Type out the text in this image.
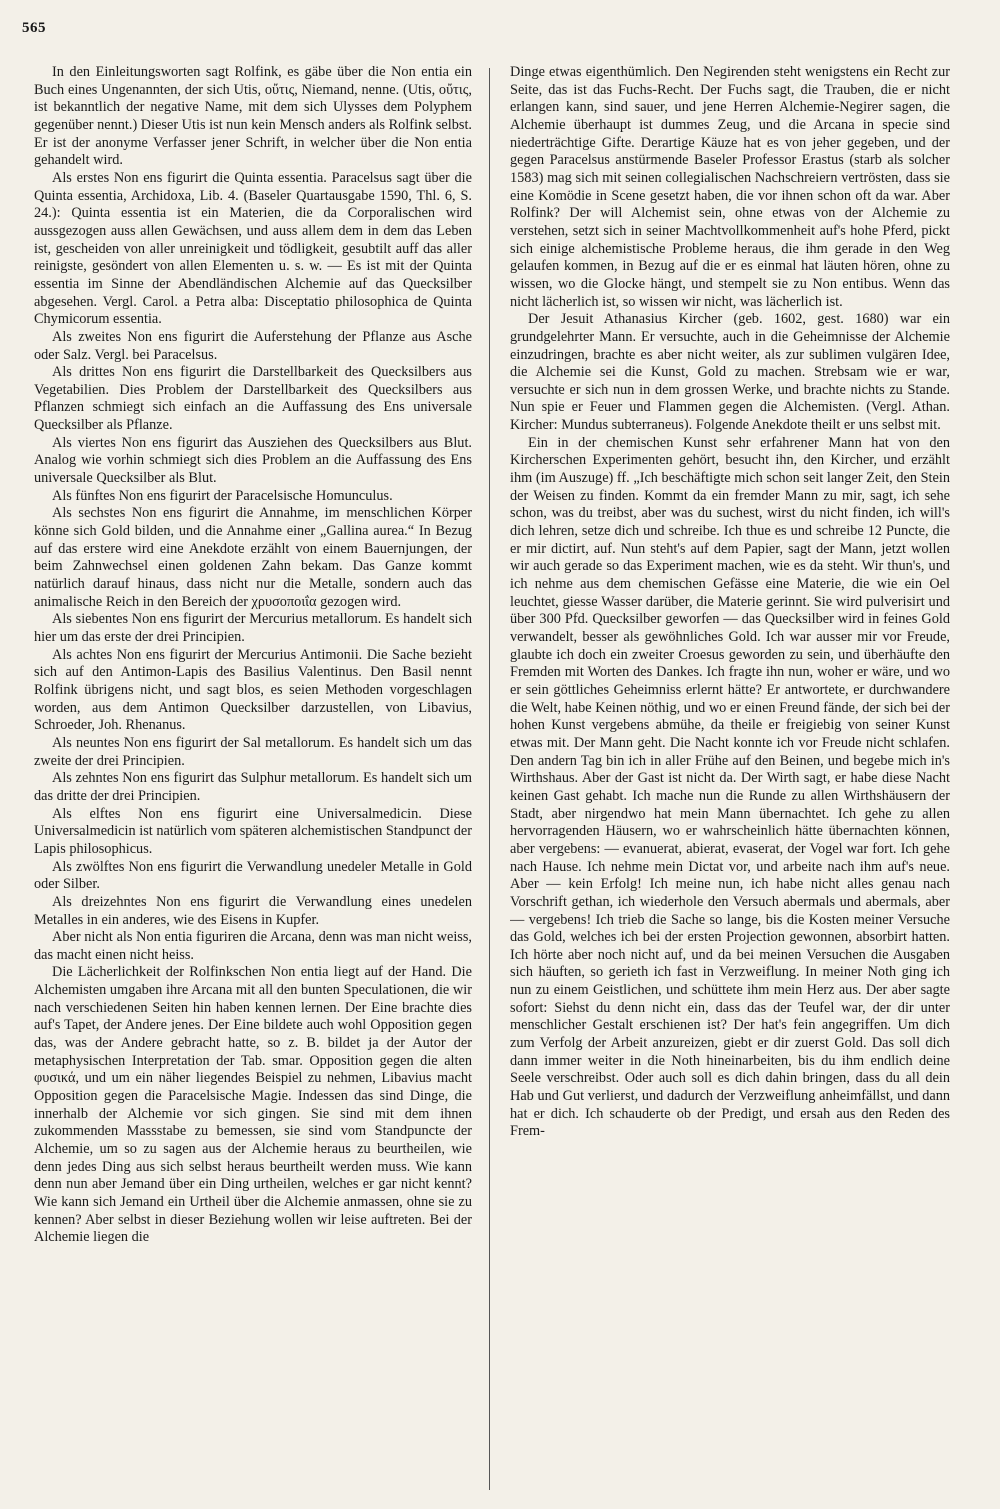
565

In den Einleitungsworten sagt Rolfink, es gäbe über die Non entia ein Buch eines Ungenannten, der sich Utis, οὔτις, Niemand, nenne. (Utis, οὔτις, ist bekanntlich der negative Name, mit dem sich Ulysses dem Polyphem gegenüber nennt.) Dieser Utis ist nun kein Mensch anders als Rolfink selbst. Er ist der anonyme Verfasser jener Schrift, in welcher über die Non entia gehandelt wird.

Als erstes Non ens figurirt die Quinta essentia. Paracelsus sagt über die Quinta essentia, Archidoxa, Lib. 4. (Baseler Quartausgabe 1590, Thl. 6, S. 24.): Quinta essentia ist ein Materien, die da Corporalischen wird aussgezogen auss allen Gewächsen, und auss allem dem in dem das Leben ist, gescheiden von aller unreinigkeit und tödligkeit, gesubtilt auff das aller reinigste, gesöndert von allen Elementen u. s. w. — Es ist mit der Quinta essentia im Sinne der Abendländischen Alchemie auf das Quecksilber abgesehen. Vergl. Carol. a Petra alba: Disceptatio philosophica de Quinta Chymicorum essentia.

Als zweites Non ens figurirt die Auferstehung der Pflanze aus Asche oder Salz. Vergl. bei Paracelsus.

Als drittes Non ens figurirt die Darstellbarkeit des Quecksilbers aus Vegetabilien. Dies Problem der Darstellbarkeit des Quecksilbers aus Pflanzen schmiegt sich einfach an die Auffassung des Ens universale Quecksilber als Pflanze.

Als viertes Non ens figurirt das Ausziehen des Quecksilbers aus Blut. Analog wie vorhin schmiegt sich dies Problem an die Auffassung des Ens universale Quecksilber als Blut.

Als fünftes Non ens figurirt der Paracelsische Homunculus.

Als sechstes Non ens figurirt die Annahme, im menschlichen Körper könne sich Gold bilden, und die Annahme einer „Gallina aurea.“ In Bezug auf das erstere wird eine Anekdote erzählt von einem Bauernjungen, der beim Zahnwechsel einen goldenen Zahn bekam. Das Ganze kommt natürlich darauf hinaus, dass nicht nur die Metalle, sondern auch das animalische Reich in den Bereich der χρυσοποιΐα gezogen wird.

Als siebentes Non ens figurirt der Mercurius metallorum. Es handelt sich hier um das erste der drei Principien.

Als achtes Non ens figurirt der Mercurius Antimonii. Die Sache bezieht sich auf den Antimon-Lapis des Basilius Valentinus. Den Basil nennt Rolfink übrigens nicht, und sagt blos, es seien Methoden vorgeschlagen worden, aus dem Antimon Quecksilber darzustellen, von Libavius, Schroeder, Joh. Rhenanus.

Als neuntes Non ens figurirt der Sal metallorum. Es handelt sich um das zweite der drei Principien.

Als zehntes Non ens figurirt das Sulphur metallorum. Es handelt sich um das dritte der drei Principien.

Als elftes Non ens figurirt eine Universalmedicin. Diese Universalmedicin ist natürlich vom späteren alchemistischen Standpunct der Lapis philosophicus.

Als zwölftes Non ens figurirt die Verwandlung unedeler Metalle in Gold oder Silber.

Als dreizehntes Non ens figurirt die Verwandlung eines unedelen Metalles in ein anderes, wie des Eisens in Kupfer.

Aber nicht als Non entia figuriren die Arcana, denn was man nicht weiss, das macht einen nicht heiss.

Die Lächerlichkeit der Rolfinkschen Non entia liegt auf der Hand. Die Alchemisten umgaben ihre Arcana mit all den bunten Speculationen, die wir nach verschiedenen Seiten hin haben kennen lernen. Der Eine brachte dies auf's Tapet, der Andere jenes. Der Eine bildete auch wohl Opposition gegen das, was der Andere gebracht hatte, so z. B. bildet ja der Autor der metaphysischen Interpretation der Tab. smar. Opposition gegen die alten φυσικά, und um ein näher liegendes Beispiel zu nehmen, Libavius macht Opposition gegen die Paracelsische Magie. Indessen das sind Dinge, die innerhalb der Alchemie vor sich gingen. Sie sind mit dem ihnen zukommenden Massstabe zu bemessen, sie sind vom Standpuncte der Alchemie, um so zu sagen aus der Alchemie heraus zu beurtheilen, wie denn jedes Ding aus sich selbst heraus beurtheilt werden muss. Wie kann denn nun aber Jemand über ein Ding urtheilen, welches er gar nicht kennt? Wie kann sich Jemand ein Urtheil über die Alchemie anmassen, ohne sie zu kennen? Aber selbst in dieser Beziehung wollen wir leise auftreten. Bei der Alchemie liegen die

Dinge etwas eigenthümlich. Den Negirenden steht wenigstens ein Recht zur Seite, das ist das Fuchs-Recht. Der Fuchs sagt, die Trauben, die er nicht erlangen kann, sind sauer, und jene Herren Alchemie-Negirer sagen, die Alchemie überhaupt ist dummes Zeug, und die Arcana in specie sind niederträchtige Gifte. Derartige Käuze hat es von jeher gegeben, und der gegen Paracelsus anstürmende Baseler Professor Erastus (starb als solcher 1583) mag sich mit seinen collegialischen Nachschreiern vertrösten, dass sie eine Komödie in Scene gesetzt haben, die vor ihnen schon oft da war. Aber Rolfink? Der will Alchemist sein, ohne etwas von der Alchemie zu verstehen, setzt sich in seiner Machtvollkommenheit auf's hohe Pferd, pickt sich einige alchemistische Probleme heraus, die ihm gerade in den Weg gelaufen kommen, in Bezug auf die er es einmal hat läuten hören, ohne zu wissen, wo die Glocke hängt, und stempelt sie zu Non entibus. Wenn das nicht lächerlich ist, so wissen wir nicht, was lächerlich ist.

Der Jesuit Athanasius Kircher (geb. 1602, gest. 1680) war ein grundgelehrter Mann. Er versuchte, auch in die Geheimnisse der Alchemie einzudringen, brachte es aber nicht weiter, als zur sublimen vulgären Idee, die Alchemie sei die Kunst, Gold zu machen. Strebsam wie er war, versuchte er sich nun in dem grossen Werke, und brachte nichts zu Stande. Nun spie er Feuer und Flammen gegen die Alchemisten. (Vergl. Athan. Kircher: Mundus subterraneus). Folgende Anekdote theilt er uns selbst mit.

Ein in der chemischen Kunst sehr erfahrener Mann hat von den Kircherschen Experimenten gehört, besucht ihn, den Kircher, und erzählt ihm (im Auszuge) ff. „Ich beschäftigte mich schon seit langer Zeit, den Stein der Weisen zu finden. Kommt da ein fremder Mann zu mir, sagt, ich sehe schon, was du treibst, aber was du suchest, wirst du nicht finden, ich will's dich lehren, setze dich und schreibe. Ich thue es und schreibe 12 Puncte, die er mir dictirt, auf. Nun steht's auf dem Papier, sagt der Mann, jetzt wollen wir auch gerade so das Experiment machen, wie es da steht. Wir thun's, und ich nehme aus dem chemischen Gefässe eine Materie, die wie ein Oel leuchtet, giesse Wasser darüber, die Materie gerinnt. Sie wird pulverisirt und über 300 Pfd. Quecksilber geworfen — das Quecksilber wird in feines Gold verwandelt, besser als gewöhnliches Gold. Ich war ausser mir vor Freude, glaubte ich doch ein zweiter Croesus geworden zu sein, und überhäufte den Fremden mit Worten des Dankes. Ich fragte ihn nun, woher er wäre, und wo er sein göttliches Geheimniss erlernt hätte? Er antwortete, er durchwandere die Welt, habe Keinen nöthig, und wo er einen Freund fände, der sich bei der hohen Kunst vergebens abmühe, da theile er freigiebig von seiner Kunst etwas mit. Der Mann geht. Die Nacht konnte ich vor Freude nicht schlafen. Den andern Tag bin ich in aller Frühe auf den Beinen, und begebe mich in's Wirthshaus. Aber der Gast ist nicht da. Der Wirth sagt, er habe diese Nacht keinen Gast gehabt. Ich mache nun die Runde zu allen Wirthshäusern der Stadt, aber nirgendwo hat mein Mann übernachtet. Ich gehe zu allen hervorragenden Häusern, wo er wahrscheinlich hätte übernachten können, aber vergebens: — evanuerat, abierat, evaserat, der Vogel war fort. Ich gehe nach Hause. Ich nehme mein Dictat vor, und arbeite nach ihm auf's neue. Aber — kein Erfolg! Ich meine nun, ich habe nicht alles genau nach Vorschrift gethan, ich wiederhole den Versuch abermals und abermals, aber — vergebens! Ich trieb die Sache so lange, bis die Kosten meiner Versuche das Gold, welches ich bei der ersten Projection gewonnen, absorbirt hatten. Ich hörte aber noch nicht auf, und da bei meinen Versuchen die Ausgaben sich häuften, so gerieth ich fast in Verzweiflung. In meiner Noth ging ich nun zu einem Geistlichen, und schüttete ihm mein Herz aus. Der aber sagte sofort: Siehst du denn nicht ein, dass das der Teufel war, der dir unter menschlicher Gestalt erschienen ist? Der hat's fein angegriffen. Um dich zum Verfolg der Arbeit anzureizen, giebt er dir zuerst Gold. Das soll dich dann immer weiter in die Noth hineinarbeiten, bis du ihm endlich deine Seele verschreibst. Oder auch soll es dich dahin bringen, dass du all dein Hab und Gut verlierst, und dadurch der Verzweiflung anheimfällst, und dann hat er dich. Ich schauderte ob der Predigt, und ersah aus den Reden des Frem-
